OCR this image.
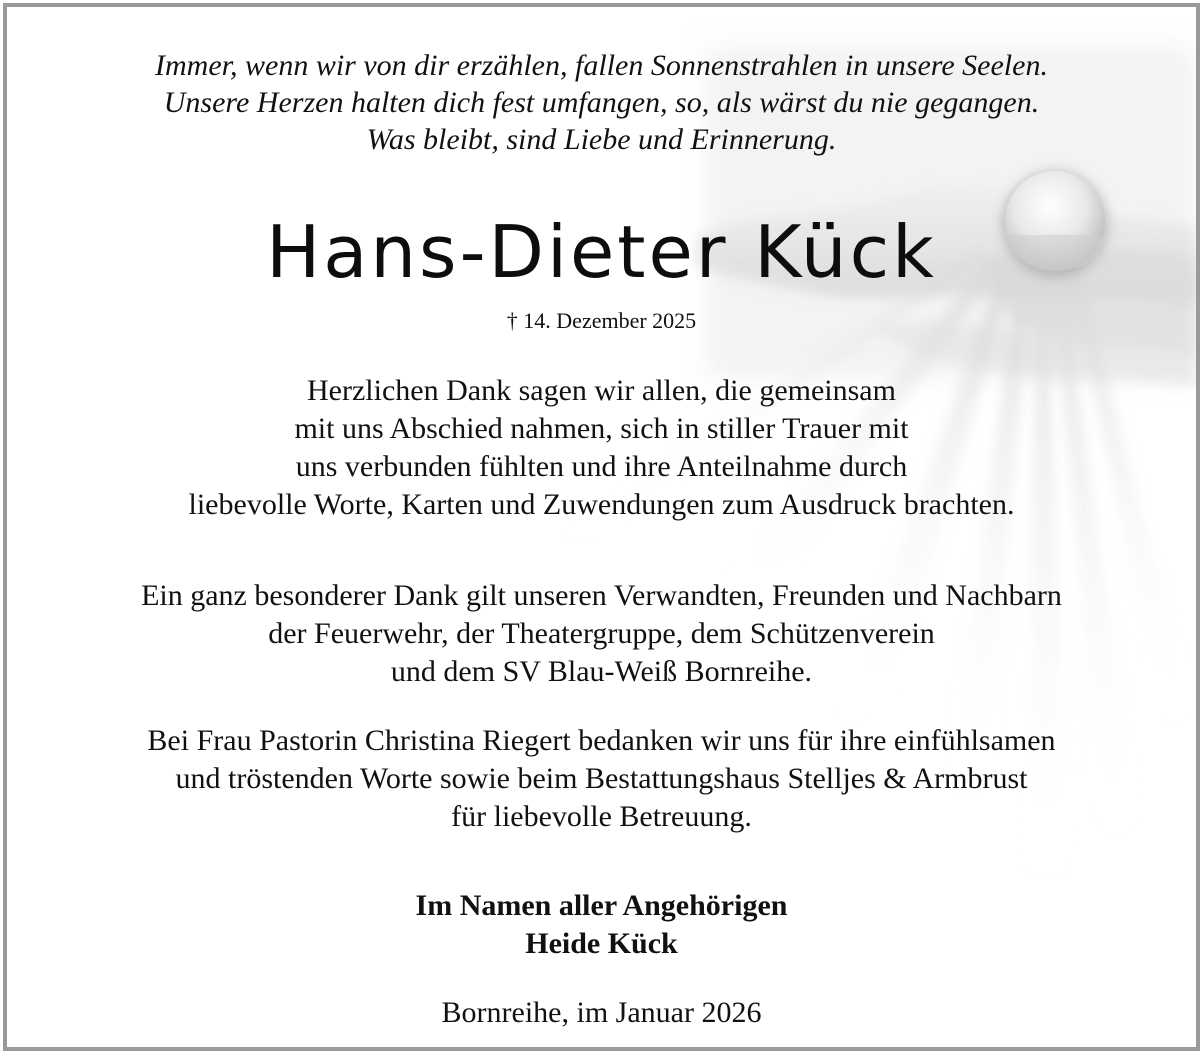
Immer, wenn wir von dir erzählen, fallen Sonnenstrahlen in unsere Seelen.
Unsere Herzen halten dich fest umfangen, so, als wärst du nie gegangen.
Was bleibt, sind Liebe und Erinnerung.
Hans-Dieter Kück
† 14. Dezember 2025
Herzlichen Dank sagen wir allen, die gemeinsam
mit uns Abschied nahmen, sich in stiller Trauer mit
uns verbunden fühlten und ihre Anteilnahme durch
liebevolle Worte, Karten und Zuwendungen zum Ausdruck brachten.
Ein ganz besonderer Dank gilt unseren Verwandten, Freunden und Nachbarn
der Feuerwehr, der Theatergruppe, dem Schützenverein
und dem SV Blau-Weiß Bornreihe.
Bei Frau Pastorin Christina Riegert bedanken wir uns für ihre einfühlsamen
und tröstenden Worte sowie beim Bestattungshaus Stelljes & Armbrust
für liebevolle Betreuung.
Im Namen aller Angehörigen
Heide Kück
Bornreihe, im Januar 2026
